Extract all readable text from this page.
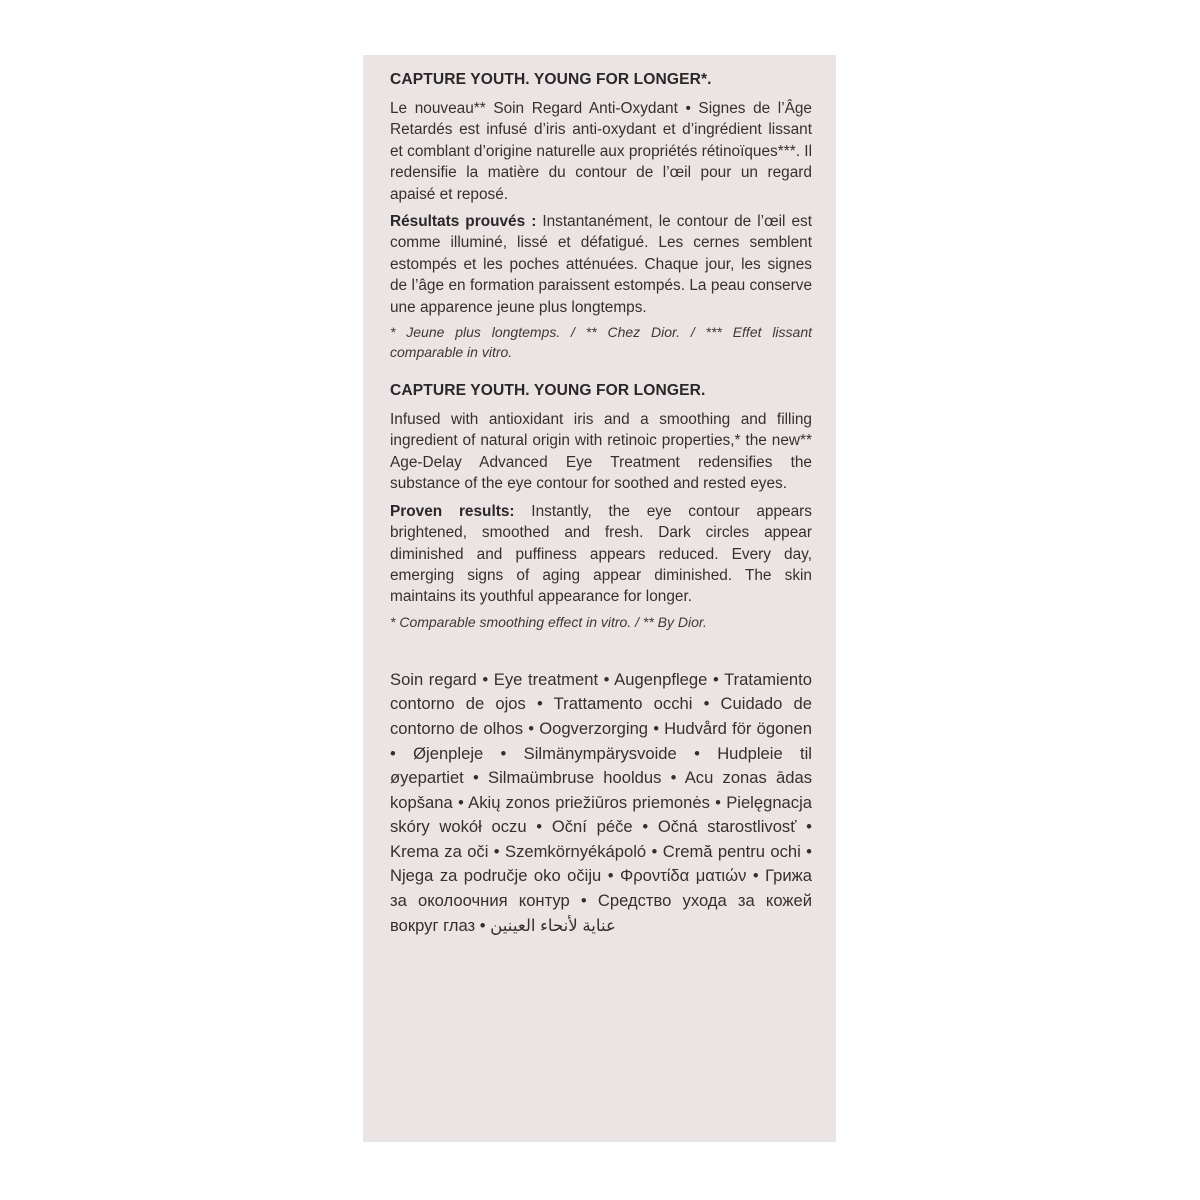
CAPTURE YOUTH. YOUNG FOR LONGER*.

Le nouveau** Soin Regard Anti-Oxydant • Signes de l’Âge Retardés est infusé d’iris anti-oxydant et d’ingrédient lissant et comblant d’origine naturelle aux propriétés rétinoïques***. Il redensifie la matière du contour de l’œil pour un regard apaisé et reposé.

Résultats prouvés : Instantanément, le contour de l’œil est comme illuminé, lissé et défatigué. Les cernes semblent estompés et les poches atténuées. Chaque jour, les signes de l’âge en formation paraissent estompés. La peau conserve une apparence jeune plus longtemps.

* Jeune plus longtemps. / ** Chez Dior. / *** Effet lissant comparable in vitro.

CAPTURE YOUTH. YOUNG FOR LONGER.

Infused with antioxidant iris and a smoothing and filling ingredient of natural origin with retinoic properties,* the new** Age-Delay Advanced Eye Treatment redensifies the substance of the eye contour for soothed and rested eyes.

Proven results: Instantly, the eye contour appears brightened, smoothed and fresh. Dark circles appear diminished and puffiness appears reduced. Every day, emerging signs of aging appear diminished. The skin maintains its youthful appearance for longer.

* Comparable smoothing effect in vitro. / ** By Dior.

Soin regard • Eye treatment • Augenpflege • Tratamiento contorno de ojos • Trattamento occhi • Cuidado de contorno de olhos • Oogverzorging • Hudvård för ögonen • Øjenpleje • Silmänympärysvoide • Hudpleie til øyepartiet • Silmaümbruse hooldus • Acu zonas ādas kopšana • Akių zonos priežiūros priemonės • Pielęgnacja skóry wokół oczu • Oční péče • Očná starostlivosť • Krema za oči • Szemkörnyékápoló • Cremă pentru ochi • Njega za područje oko očiju • Φροντίδα ματιών • Грижа за околоочния контур • Средство ухода за кожей вокруг глаз • عناية لأنحاء العينين
